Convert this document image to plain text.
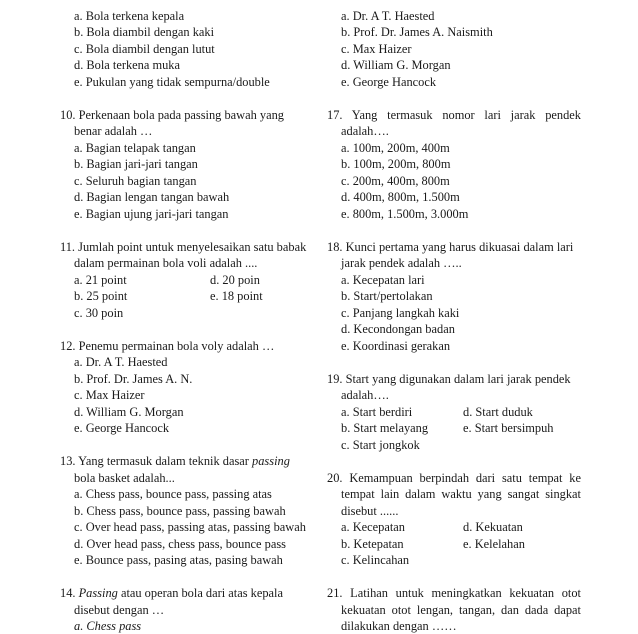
a. Bola terkena kepala
b. Bola diambil dengan kaki
c. Bola diambil dengan lutut
d. Bola terkena muka
e. Pukulan yang tidak sempurna/double
10. Perkenaan bola pada passing bawah yang
benar adalah …
a. Bagian telapak tangan
b. Bagian jari-jari tangan
c. Seluruh bagian tangan
d. Bagian lengan tangan bawah
e. Bagian ujung jari-jari tangan
11. Jumlah point untuk menyelesaikan satu babak
dalam permainan bola voli adalah ....
a. 21 point	d. 20 poin
b. 25 point	e. 18 point
c. 30 poin
12. Penemu permainan bola voly adalah …
a. Dr. A T. Haested
b. Prof. Dr. James A. N.
c. Max Haizer
d. William G. Morgan
e. George Hancock
13. Yang termasuk dalam teknik dasar passing
bola basket adalah...
a. Chess pass, bounce pass, passing atas
b. Chess pass, bounce pass, passing bawah
c. Over head pass, passing atas, passing bawah
d. Over head pass, chess pass, bounce pass
e. Bounce pass, pasing atas, pasing bawah
14. Passing atau operan bola dari atas kepala
disebut dengan …
a. Chess pass
a. Dr. A T. Haested
b. Prof. Dr. James A. Naismith
c. Max Haizer
d. William G. Morgan
e. George Hancock
17. Yang termasuk nomor lari jarak pendek
adalah….
a. 100m, 200m, 400m
b. 100m, 200m, 800m
c. 200m, 400m, 800m
d. 400m, 800m, 1.500m
e. 800m, 1.500m, 3.000m
18. Kunci pertama yang harus dikuasai dalam lari
jarak pendek adalah …..
a. Kecepatan lari
b. Start/pertolakan
c. Panjang langkah kaki
d. Kecondongan badan
e. Koordinasi gerakan
19. Start yang digunakan dalam lari jarak pendek
adalah….
a. Start berdiri	d. Start duduk
b. Start melayang	e. Start bersimpuh
c. Start jongkok
20. Kemampuan berpindah dari satu tempat ke
tempat lain dalam waktu yang sangat singkat
disebut ......
a. Kecepatan	d. Kekuatan
b. Ketepatan	e. Kelelahan
c. Kelincahan
21. Latihan untuk meningkatkan kekuatan otot
kekuatan otot lengan, tangan, dan dada dapat
dilakukan dengan ……
